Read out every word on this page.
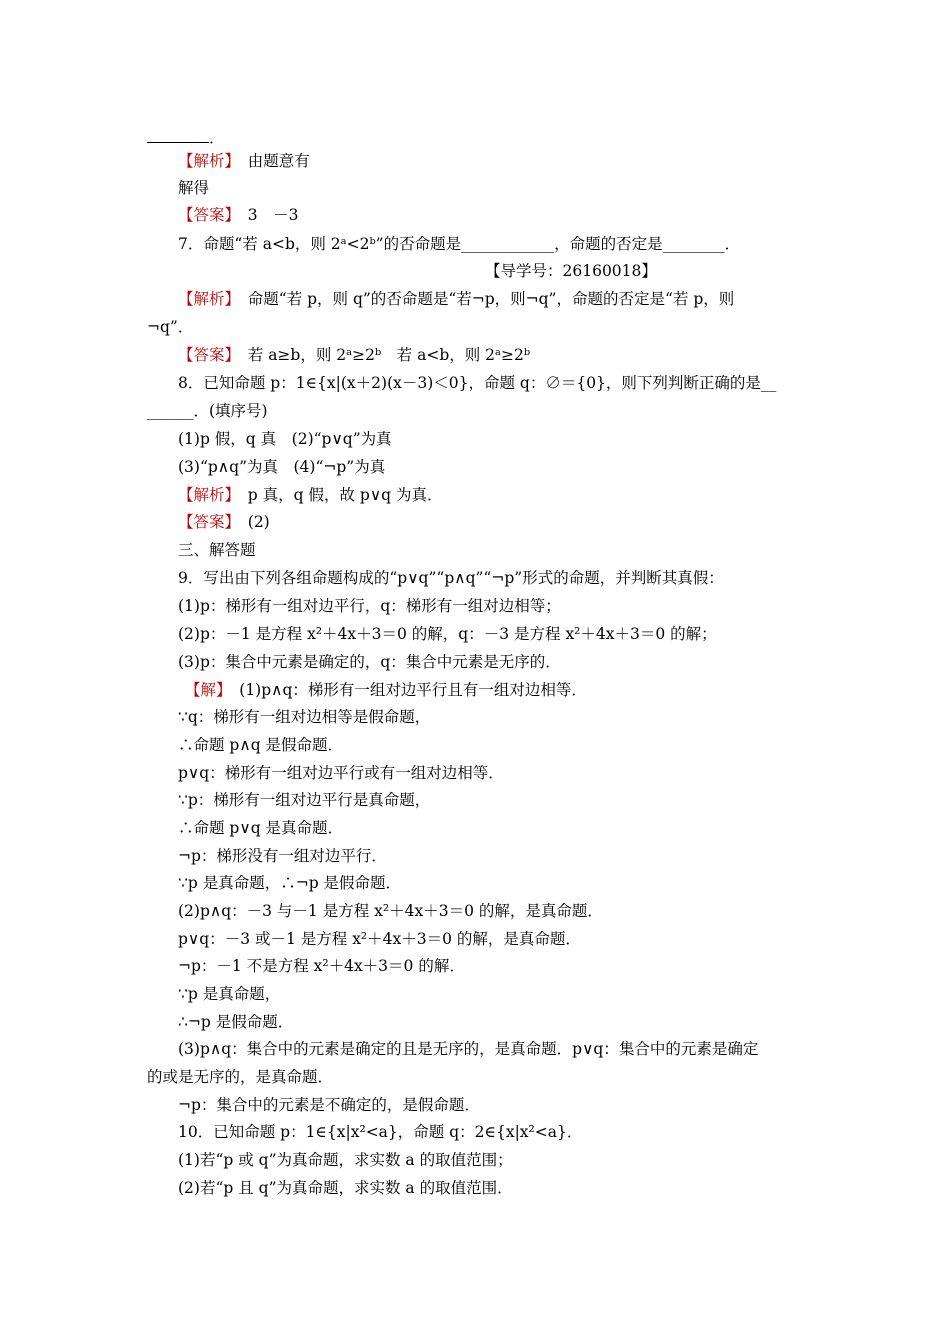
．
【解析】　由题意有
解得
【答案】　3　－3
7．命题“若 a<b，则 2ᵃ<2ᵇ”的否命题是____________，命题的否定是________．
【导学号：26160018】
【解析】　命题“若 p，则 q”的否命题是“若¬p，则¬q”，命题的否定是“若 p，则
¬q”．
【答案】　若 a≥b，则 2ᵃ≥2ᵇ　若 a<b，则 2ᵃ≥2ᵇ
8．已知命题 p：1∈{x|(x＋2)(x－3)＜0}，命题 q：∅＝{0}，则下列判断正确的是__
______．(填序号)
(1)p 假，q 真　(2)“p∨q”为真
(3)“p∧q”为真　(4)“¬p”为真
【解析】　p 真，q 假，故 p∨q 为真．
【答案】　(2)
三、解答题
9．写出由下列各组命题构成的“p∨q”“p∧q”“¬p”形式的命题，并判断其真假：
(1)p：梯形有一组对边平行，q：梯形有一组对边相等；
(2)p：－1 是方程 x²＋4x＋3＝0 的解，q：－3 是方程 x²＋4x＋3＝0 的解；
(3)p：集合中元素是确定的，q：集合中元素是无序的．
【解】　(1)p∧q：梯形有一组对边平行且有一组对边相等．
∵q：梯形有一组对边相等是假命题，
∴命题 p∧q 是假命题．
p∨q：梯形有一组对边平行或有一组对边相等．
∵p：梯形有一组对边平行是真命题，
∴命题 p∨q 是真命题．
¬p：梯形没有一组对边平行．
∵p 是真命题，∴¬p 是假命题．
(2)p∧q：－3 与－1 是方程 x²＋4x＋3＝0 的解，是真命题．
p∨q：－3 或－1 是方程 x²＋4x＋3＝0 的解，是真命题．
¬p：－1 不是方程 x²＋4x＋3＝0 的解．
∵p 是真命题，
∴¬p 是假命题．
(3)p∧q：集合中的元素是确定的且是无序的，是真命题．p∨q：集合中的元素是确定
的或是无序的，是真命题．
¬p：集合中的元素是不确定的，是假命题．
10．已知命题 p：1∈{x|x²<a}，命题 q：2∈{x|x²<a}．
(1)若“p 或 q”为真命题，求实数 a 的取值范围；
(2)若“p 且 q”为真命题，求实数 a 的取值范围．
